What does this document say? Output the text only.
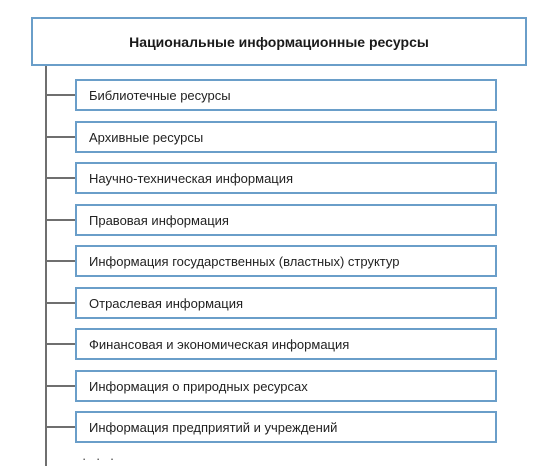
Национальные информационные ресурсы
Библиотечные ресурсы
Архивные ресурсы
Научно-техническая информация
Правовая информация
Информация государственных (властных) структур
Отраслевая информация
Финансовая и экономическая информация
Информация о природных ресурсах
Информация предприятий и учреждений
· · ·
